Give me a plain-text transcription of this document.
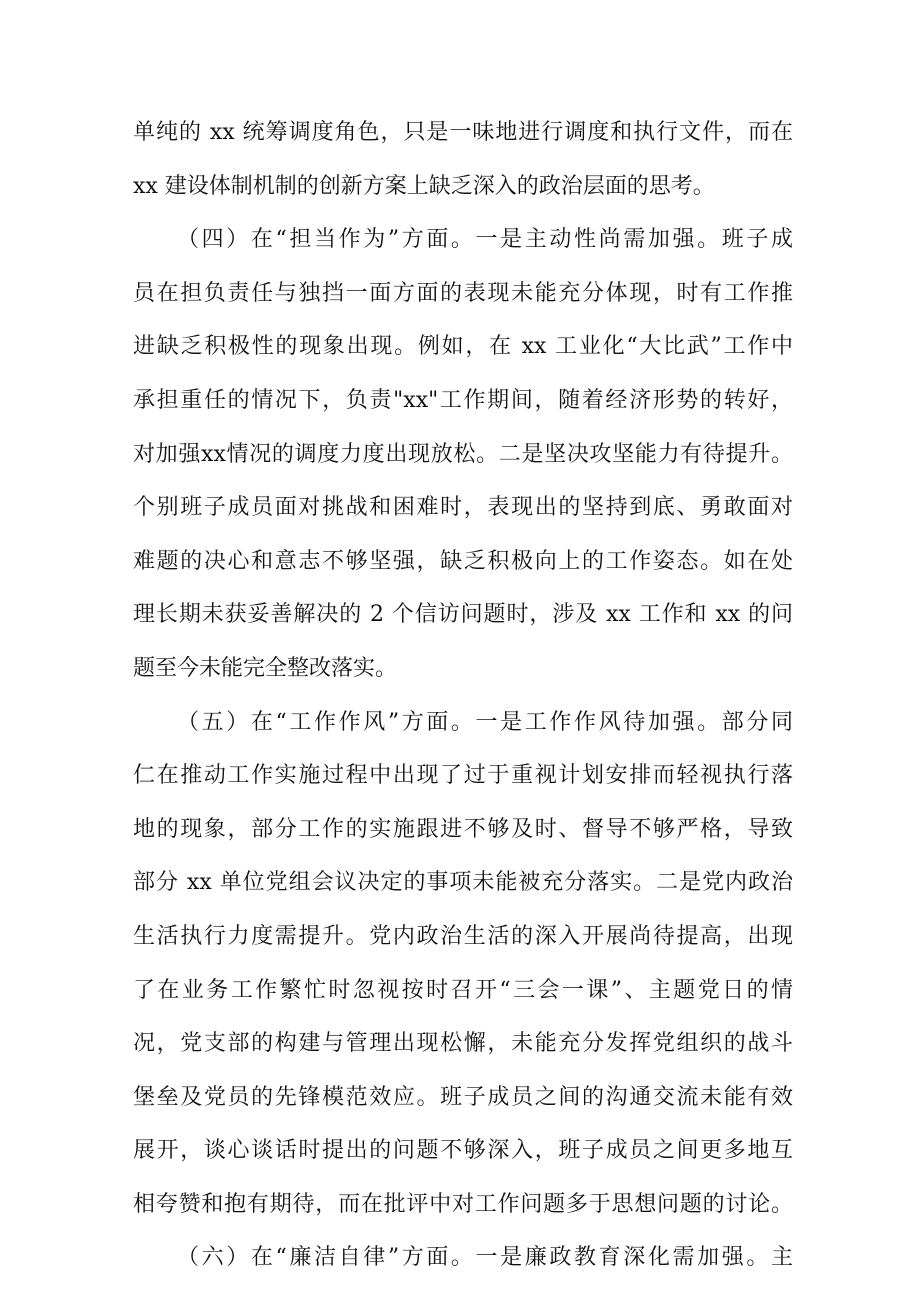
单纯的 xx 统筹调度角色，只是一味地进行调度和执行文件，而在
xx 建设体制机制的创新方案上缺乏深入的政治层面的思考。
（四）在“担当作为”方面。一是主动性尚需加强。班子成
员在担负责任与独挡一面方面的表现未能充分体现，时有工作推
进缺乏积极性的现象出现。例如，在 xx 工业化“大比武”工作中
承担重任的情况下，负责"xx"工作期间，随着经济形势的转好，
对加强xx情况的调度力度出现放松。二是坚决攻坚能力有待提升。
个别班子成员面对挑战和困难时，表现出的坚持到底、勇敢面对
难题的决心和意志不够坚强，缺乏积极向上的工作姿态。如在处
理长期未获妥善解决的 2 个信访问题时，涉及 xx 工作和 xx 的问
题至今未能完全整改落实。
（五）在“工作作风”方面。一是工作作风待加强。部分同
仁在推动工作实施过程中出现了过于重视计划安排而轻视执行落
地的现象，部分工作的实施跟进不够及时、督导不够严格，导致
部分 xx 单位党组会议决定的事项未能被充分落实。二是党内政治
生活执行力度需提升。党内政治生活的深入开展尚待提高，出现
了在业务工作繁忙时忽视按时召开“三会一课”、主题党日的情
况，党支部的构建与管理出现松懈，未能充分发挥党组织的战斗
堡垒及党员的先锋模范效应。班子成员之间的沟通交流未能有效
展开，谈心谈话时提出的问题不够深入，班子成员之间更多地互
相夸赞和抱有期待，而在批评中对工作问题多于思想问题的讨论。
（六）在“廉洁自律”方面。一是廉政教育深化需加强。主
